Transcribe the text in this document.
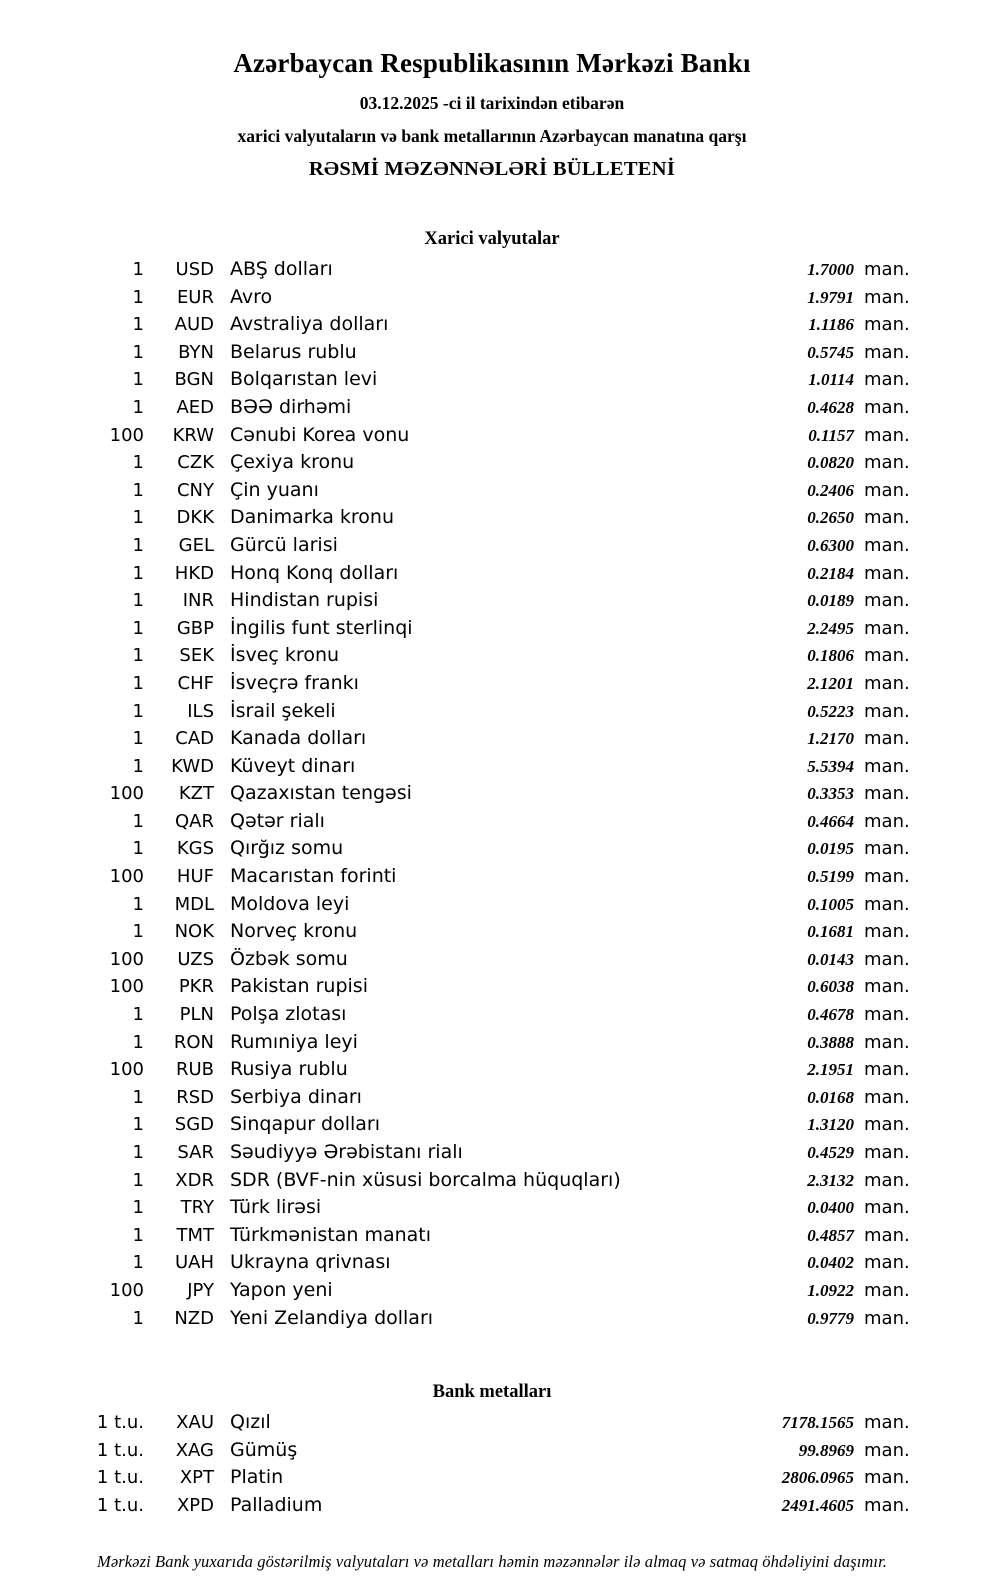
Azərbaycan Respublikasının Mərkəzi Bankı
03.12.2025 -ci il tarixindən etibarən
xarici valyutaların və bank metallarının Azərbaycan manatına qarşı
RƏSMİ MƏZƏNNƏLƏRİ BÜLLETENİ
Xarici valyutalar
1	USD	ABŞ dolları	1.7000	man.
1	EUR	Avro	1.9791	man.
1	AUD	Avstraliya dolları	1.1186	man.
1	BYN	Belarus rublu	0.5745	man.
1	BGN	Bolqarıstan levi	1.0114	man.
1	AED	BƏƏ dirhəmi	0.4628	man.
100	KRW	Cənubi Korea vonu	0.1157	man.
1	CZK	Çexiya kronu	0.0820	man.
1	CNY	Çin yuanı	0.2406	man.
1	DKK	Danimarka kronu	0.2650	man.
1	GEL	Gürcü larisi	0.6300	man.
1	HKD	Honq Konq dolları	0.2184	man.
1	INR	Hindistan rupisi	0.0189	man.
1	GBP	İngilis funt sterlinqi	2.2495	man.
1	SEK	İsveç kronu	0.1806	man.
1	CHF	İsveçrə frankı	2.1201	man.
1	ILS	İsrail şekeli	0.5223	man.
1	CAD	Kanada dolları	1.2170	man.
1	KWD	Küveyt dinarı	5.5394	man.
100	KZT	Qazaxıstan tengəsi	0.3353	man.
1	QAR	Qətər rialı	0.4664	man.
1	KGS	Qırğız somu	0.0195	man.
100	HUF	Macarıstan forinti	0.5199	man.
1	MDL	Moldova leyi	0.1005	man.
1	NOK	Norveç kronu	0.1681	man.
100	UZS	Özbək somu	0.0143	man.
100	PKR	Pakistan rupisi	0.6038	man.
1	PLN	Polşa zlotası	0.4678	man.
1	RON	Rumıniya leyi	0.3888	man.
100	RUB	Rusiya rublu	2.1951	man.
1	RSD	Serbiya dinarı	0.0168	man.
1	SGD	Sinqapur dolları	1.3120	man.
1	SAR	Səudiyyə Ərəbistanı rialı	0.4529	man.
1	XDR	SDR (BVF-nin xüsusi borcalma hüquqları)	2.3132	man.
1	TRY	Türk lirəsi	0.0400	man.
1	TMT	Türkmənistan manatı	0.4857	man.
1	UAH	Ukrayna qrivnası	0.0402	man.
100	JPY	Yapon yeni	1.0922	man.
1	NZD	Yeni Zelandiya dolları	0.9779	man.
Bank metalları
1 t.u.	XAU	Qızıl	7178.1565	man.
1 t.u.	XAG	Gümüş	99.8969	man.
1 t.u.	XPT	Platin	2806.0965	man.
1 t.u.	XPD	Palladium	2491.4605	man.
Mərkəzi Bank yuxarıda göstərilmiş valyutaları və metalları həmin məzənnələr ilə almaq və satmaq öhdəliyini daşımır.
